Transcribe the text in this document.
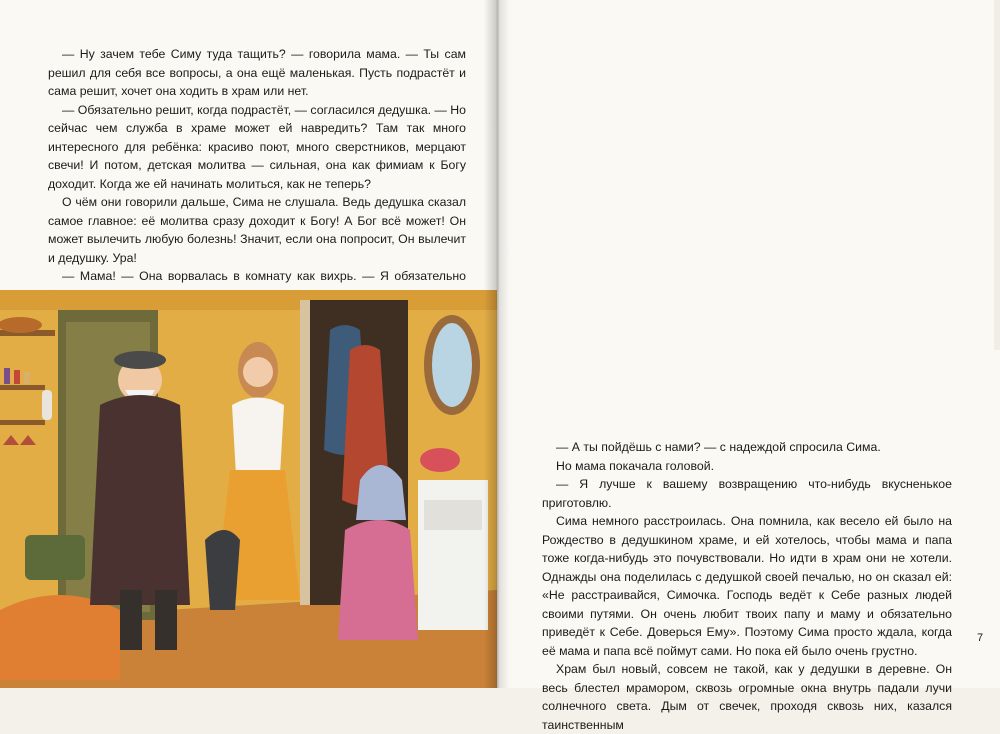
— Ну зачем тебе Симу туда тащить? — говорила мама. — Ты сам решил для себя все вопросы, а она ещё маленькая. Пусть подрастёт и сама решит, хочет она ходить в храм или нет.

— Обязательно решит, когда подрастёт, — согласился дедушка. — Но сейчас чем служба в храме может ей навредить? Там так много интересного для ребёнка: красиво поют, много сверстников, мерцают свечи! И потом, детская молитва — сильная, она как фимиам к Богу доходит. Когда же ей начинать молиться, как не теперь?

О чём они говорили дальше, Сима не слушала. Ведь дедушка сказал самое главное: её молитва сразу доходит к Богу! А Бог всё может! Он может вылечить любую болезнь! Значит, если она попросит, Он вылечит и дедушку. Ура!

— Мама! — Она ворвалась в комнату как вихрь. — Я обязательно

— А ты пойдёшь с нами? — с надеждой спросила Сима.

Но мама покачала головой.

— Я лучше к вашему возвращению что-нибудь вкусненькое приготовлю.

Сима немного расстроилась. Она помнила, как весело ей было на Рождество в дедушкином храме, и ей хотелось, чтобы мама и папа тоже когда-нибудь это почувствовали. Но идти в храм они не хотели. Однажды она поделилась с дедушкой своей печалью, но он сказал ей: «Не расстраивайся, Симочка. Господь ведёт к Себе разных людей своими путями. Он очень любит твоих папу и маму и обязательно приведёт к Себе. Доверься Ему». Поэтому Сима просто ждала, когда её мама и папа всё поймут сами. Но пока ей было очень грустно.

Храм был новый, совсем не такой, как у дедушки в деревне. Он весь блестел мрамором, сквозь огромные окна внутрь падали лучи солнечного света. Дым от свечек, проходя сквозь них, казался таинственным

7
